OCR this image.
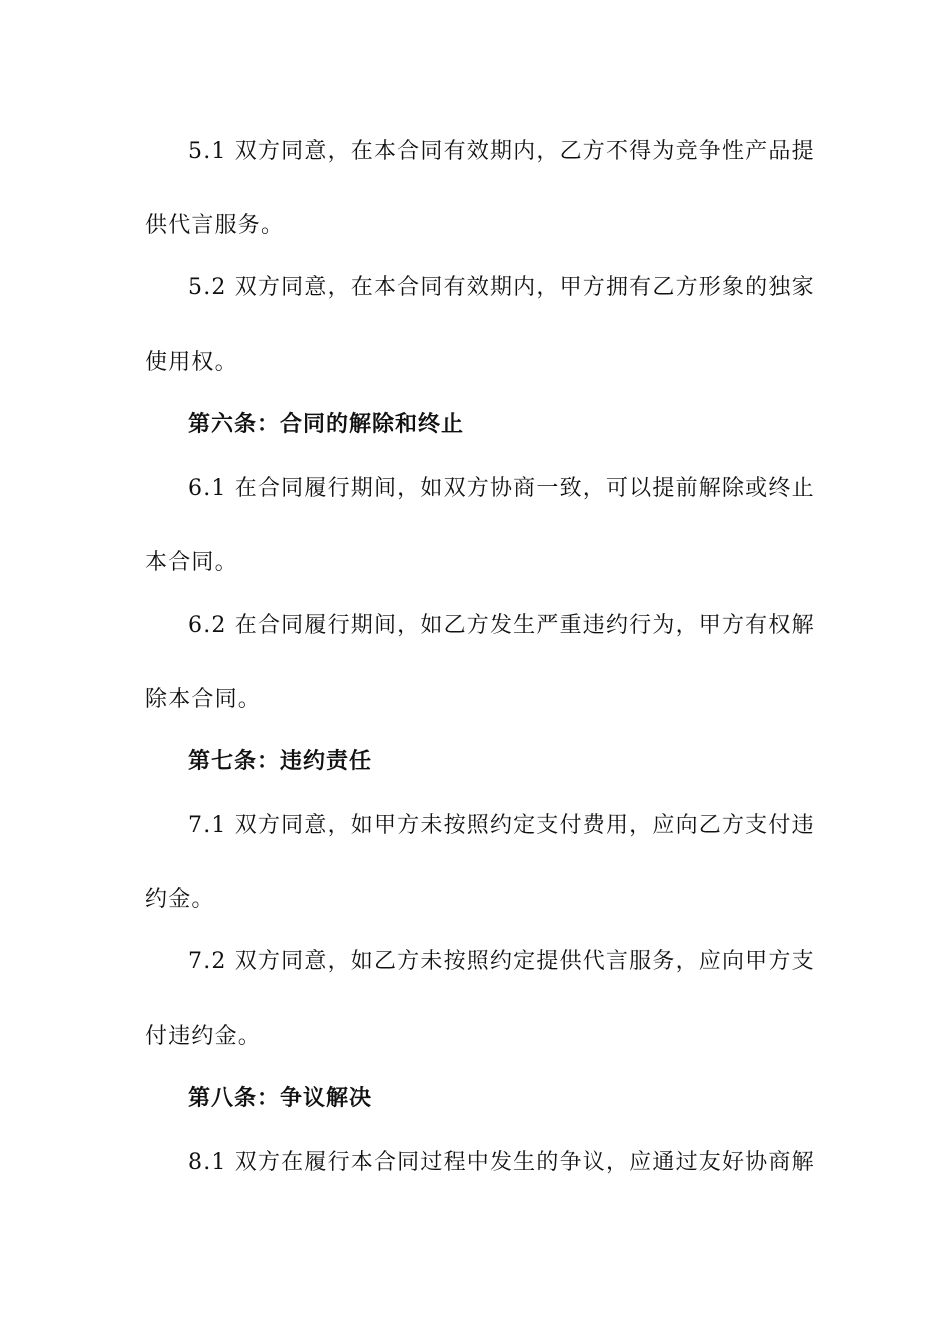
5.1 双方同意，在本合同有效期内，乙方不得为竞争性产品提
供代言服务。
5.2 双方同意，在本合同有效期内，甲方拥有乙方形象的独家
使用权。
第六条：合同的解除和终止
6.1 在合同履行期间，如双方协商一致，可以提前解除或终止
本合同。
6.2 在合同履行期间，如乙方发生严重违约行为，甲方有权解
除本合同。
第七条：违约责任
7.1 双方同意，如甲方未按照约定支付费用，应向乙方支付违
约金。
7.2 双方同意，如乙方未按照约定提供代言服务，应向甲方支
付违约金。
第八条：争议解决
8.1 双方在履行本合同过程中发生的争议，应通过友好协商解
